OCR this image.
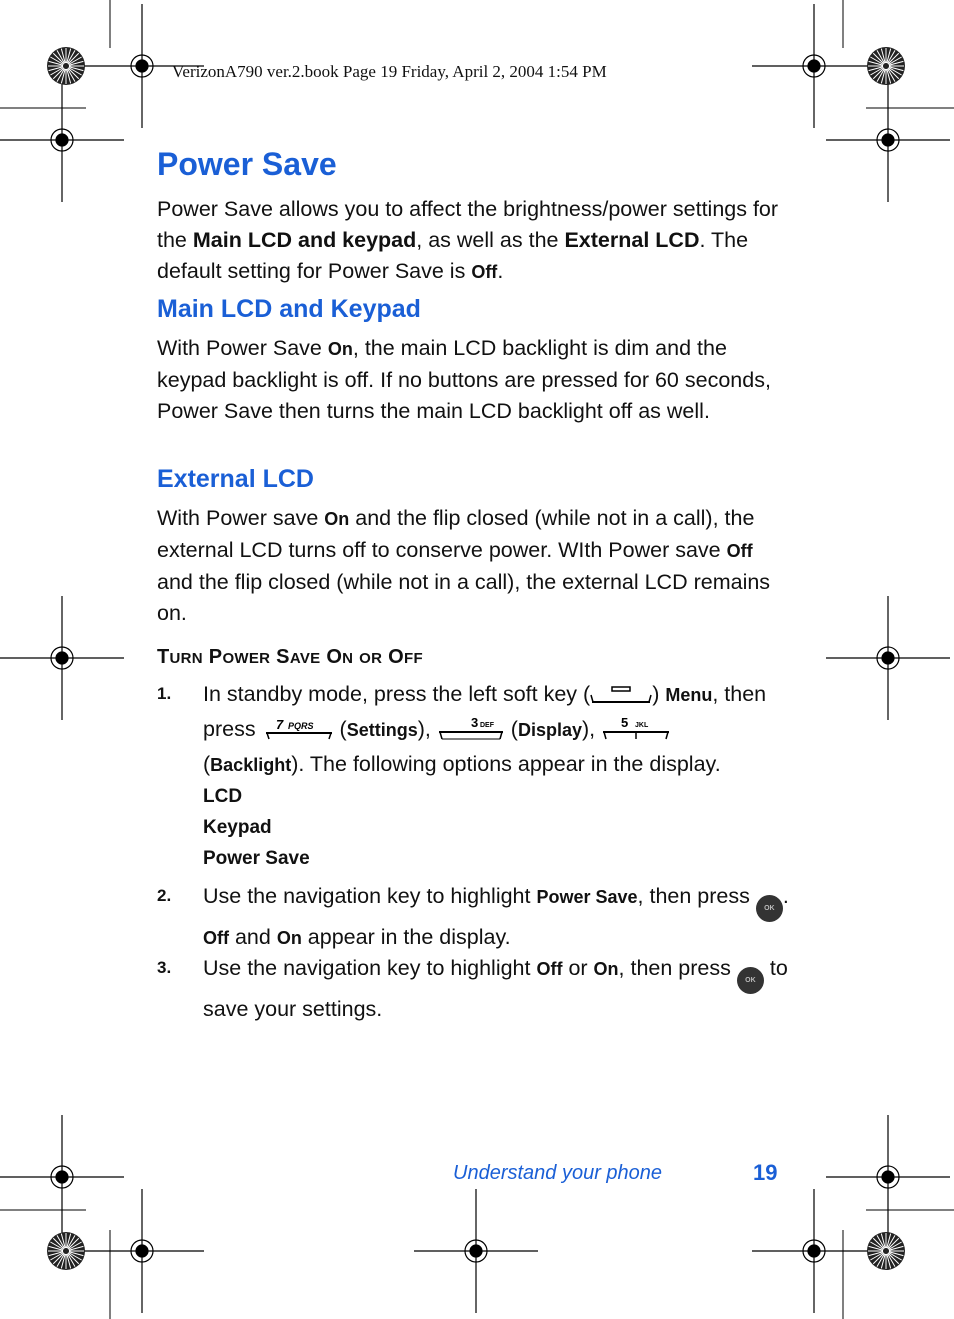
VerizonA790 ver.2.book Page 19 Friday, April 2, 2004 1:54 PM
Power Save

Power Save allows you to affect the brightness/power settings for the Main LCD and keypad, as well as the External LCD. The default setting for Power Save is Off.

Main LCD and Keypad

With Power Save On, the main LCD backlight is dim and the keypad backlight is off. If no buttons are pressed for 60 seconds, Power Save then turns the main LCD backlight off as well.

External LCD

With Power save On and the flip closed (while not in a call), the external LCD turns off to conserve power. WIth Power save Off and the flip closed (while not in a call), the external LCD remains on.

TURN POWER SAVE ON OR OFF
1. In standby mode, press the left soft key (	) Menu, then press 7 PQRS (Settings),	3 DEF (Display), 5 JKL

(Backlight). The following options appear in the display.

LCD
Keypad
Power Save
2. Use the navigation key to highlight Power Save, then press OK. Off and On appear in the display.

3. Use the navigation key to highlight Off or On, then press OK to save your settings.

Understand your phone	19
